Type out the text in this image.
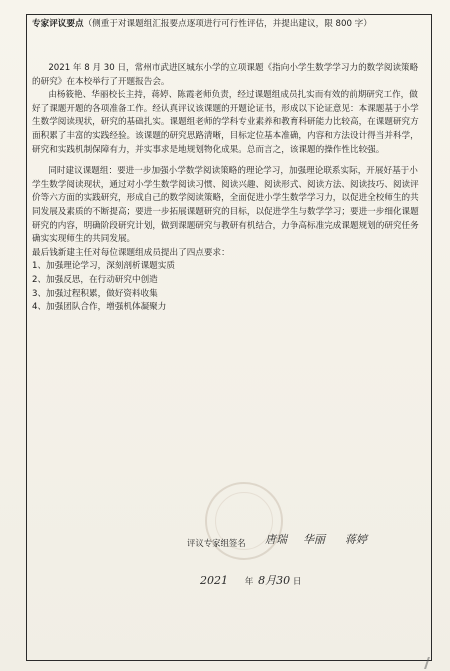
专家评议要点（侧重于对课题组汇报要点逐项进行可行性评估，并提出建议，限 800 字）

2021 年 8 月 30 日，常州市武进区城东小学的立项课题《指向小学生数学学习力的数学阅读策略的研究》在本校举行了开题报告会。

由杨筱艳、华丽校长主持，蒋婷、陈霞老师负责，经过课题组成员扎实而有效的前期研究工作，做好了课题开题的各项准备工作。经认真评议该课题的开题论证书，形成以下论证意见：本课题基于小学生数学阅读现状，研究的基础扎实。课题组老师的学科专业素养和教育科研能力比较高，在课题研究方面积累了丰富的实践经验。该课题的研究思路清晰，目标定位基本准确，内容和方法设计得当并科学，研究和实践机制保障有力，并实事求是地规划物化成果。总而言之，该课题的操作性比较强。

同时建议课题组：要进一步加强小学数学阅读策略的理论学习，加强理论联系实际，开展好基于小学生数学阅读现状，通过对小学生数学阅读习惯、阅读兴趣、阅读形式、阅读方法、阅读技巧、阅读评价等六方面的实践研究，形成自己的数学阅读策略，全面促进小学生数学学习力，以促进全校师生的共同发展及素质的不断提高；要进一步拓展课题研究的目标，以促进学生与数学学习；要进一步细化课题研究的内容，明确阶段研究计划，做到课题研究与教研有机结合，力争高标准完成课题规划的研究任务确实实现师生的共同发展。

最后钱新建主任对每位课题组成员提出了四点要求：

1、加强理论学习，深刻剖析课题实质

2、加强反思，在行动研究中创造

3、加强过程积累，做好资料收集

4、加强团队合作，增强机体凝聚力

评议专家组签名 唐瑞	华丽	蒋婷
2021 年 8月30 日
